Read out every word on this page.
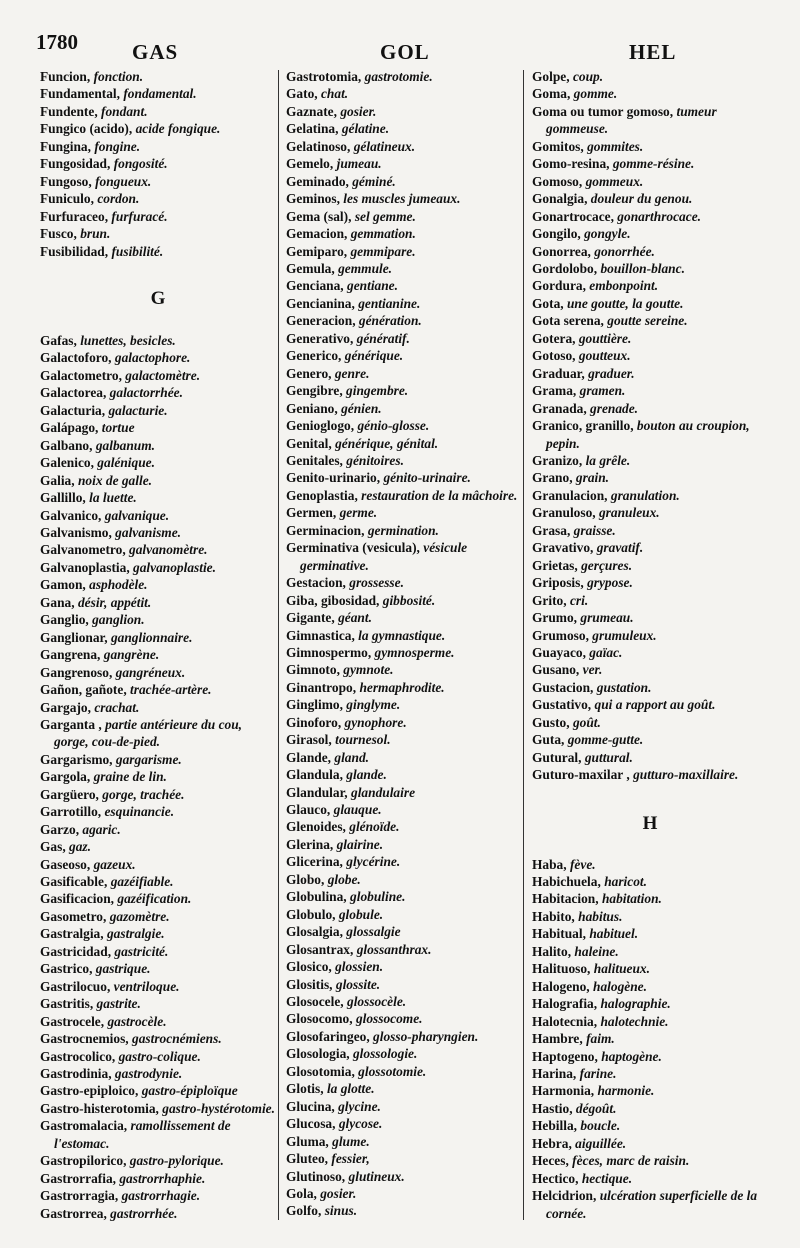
1780	GAS	GOL	HEL
Funcion, fonction.
Fundamental, fondamental.
Fundente, fondant.
Fungico (acido), acide fongique.
Fungina, fongine.
Fungosidad, fongosité.
Fungoso, fongueux.
Funiculo, cordon.
Furfuraceo, furfuracé.
Fusco, brun.
Fusibilidad, fusibilité.
G
Gafas, lunettes, besicles.
Galactoforo, galactophore.
Galactometro, galactomètre.
Galactorea, galactorrhée.
Galacturia, galacturie.
Galápago, tortue
Galbano, galbanum.
Galenico, galénique.
Galia, noix de galle.
Gallillo, la luette.
Galvanico, galvanique.
Galvanismo, galvanisme.
Galvanometro, galvanomètre.
Galvanoplastia, galvanoplastie.
Gamon, asphodèle.
Gana, désir, appétit.
Ganglio, ganglion.
Ganglionar, ganglionnaire.
Gangrena, gangrène.
Gangrenoso, gangréneux.
Gañon, gañote, trachée-artère.
Gargajo, crachat.
Garganta , partie antérieure du cou, gorge, cou-de-pied.
Gargarismo, gargarisme.
Gargola, graine de lin.
Gargüero, gorge, trachée.
Garrotillo, esquinancie.
Garzo, agaric.
Gas, gaz.
Gaseoso, gazeux.
Gasificable, gazéifiable.
Gasificacion, gazéification.
Gasometro, gazomètre.
Gastralgia, gastralgie.
Gastricidad, gastricité.
Gastrico, gastrique.
Gastrilocuo, ventriloque.
Gastritis, gastrite.
Gastrocele, gastrocèle.
Gastrocnemios, gastrocnémiens.
Gastrocolico, gastro-colique.
Gastrodinia, gastrodynie.
Gastro-epiploico, gastro-épiploïque
Gastro-histerotomia, gastro-hystérotomie.
Gastromalacia, ramollissement de l'estomac.
Gastropilorico, gastro-pylorique.
Gastrorrafia, gastrorrhaphie.
Gastrorragia, gastrorrhagie.
Gastrorrea, gastrorrhée.
Gastrotomia, gastrotomie.
Gato, chat.
Gaznate, gosier.
Gelatina, gélatine.
Gelatinoso, gélatineux.
Gemelo, jumeau.
Geminado, géminé.
Geminos, les muscles jumeaux.
Gema (sal), sel gemme.
Gemacion, gemmation.
Gemiparo, gemmipare.
Gemula, gemmule.
Genciana, gentiane.
Gencianina, gentianine.
Generacion, génération.
Generativo, génératif.
Generico, générique.
Genero, genre.
Gengibre, gingembre.
Geniano, génien.
Genioglogo, génio-glosse.
Genital, générique, génital.
Genitales, génitoires.
Genito-urinario, génito-urinaire.
Genoplastia, restauration de la mâchoire.
Germen, germe.
Germinacion, germination.
Germinativa (vesicula), vésicule germinative.
Gestacion, grossesse.
Giba, gibosidad, gibbosité.
Gigante, géant.
Gimnastica, la gymnastique.
Gimnospermo, gymnosperme.
Gimnoto, gymnote.
Ginantropo, hermaphrodite.
Ginglimo, ginglyme.
Ginoforo, gynophore.
Girasol, tournesol.
Glande, gland.
Glandula, glande.
Glandular, glandulaire
Glauco, glauque.
Glenoides, glénoïde.
Glerina, glairine.
Glicerina, glycérine.
Globo, globe.
Globulina, globuline.
Globulo, globule.
Glosalgia, glossalgie
Glosantrax, glossanthrax.
Glosico, glossien.
Glositis, glossite.
Glosocele, glossocèle.
Glosocomo, glossocome.
Glosofaringeo, glosso-pharyngien.
Glosologia, glossologie.
Glosotomia, glossotomie.
Glotis, la glotte.
Glucina, glycine.
Glucosa, glycose.
Gluma, glume.
Gluteo, fessier,
Glutinoso, glutineux.
Gola, gosier.
Golfo, sinus.
Golpe, coup.
Goma, gomme.
Goma ou tumor gomoso, tumeur gommeuse.
Gomitos, gommites.
Gomo-resina, gomme-résine.
Gomoso, gommeux.
Gonalgia, douleur du genou.
Gonartrocace, gonarthrocace.
Gongilo, gongyle.
Gonorrea, gonorrhée.
Gordolobo, bouillon-blanc.
Gordura, embonpoint.
Gota, une goutte, la goutte.
Gota serena, goutte sereine.
Gotera, gouttière.
Gotoso, goutteux.
Graduar, graduer.
Grama, gramen.
Granada, grenade.
Granico, granillo, bouton au croupion, pepin.
Granizo, la grêle.
Grano, grain.
Granulacion, granulation.
Granuloso, granuleux.
Grasa, graisse.
Gravativo, gravatif.
Grietas, gerçures.
Griposis, grypose.
Grito, cri.
Grumo, grumeau.
Grumoso, grumuleux.
Guayaco, gaïac.
Gusano, ver.
Gustacion, gustation.
Gustativo, qui a rapport au goût.
Gusto, goût.
Guta, gomme-gutte.
Gutural, guttural.
Guturo-maxilar , gutturo-maxillaire.
H
Haba, fève.
Habichuela, haricot.
Habitacion, habitation.
Habito, habitus.
Habitual, habituel.
Halito, haleine.
Halituoso, halitueux.
Halogeno, halogène.
Halografia, halographie.
Halotecnia, halotechnie.
Hambre, faim.
Haptogeno, haptogène.
Harina, farine.
Harmonia, harmonie.
Hastio, dégoût.
Hebilla, boucle.
Hebra, aiguillée.
Heces, fèces, marc de raisin.
Hectico, hectique.
Helcidrion, ulcération superficielle de la cornée.
